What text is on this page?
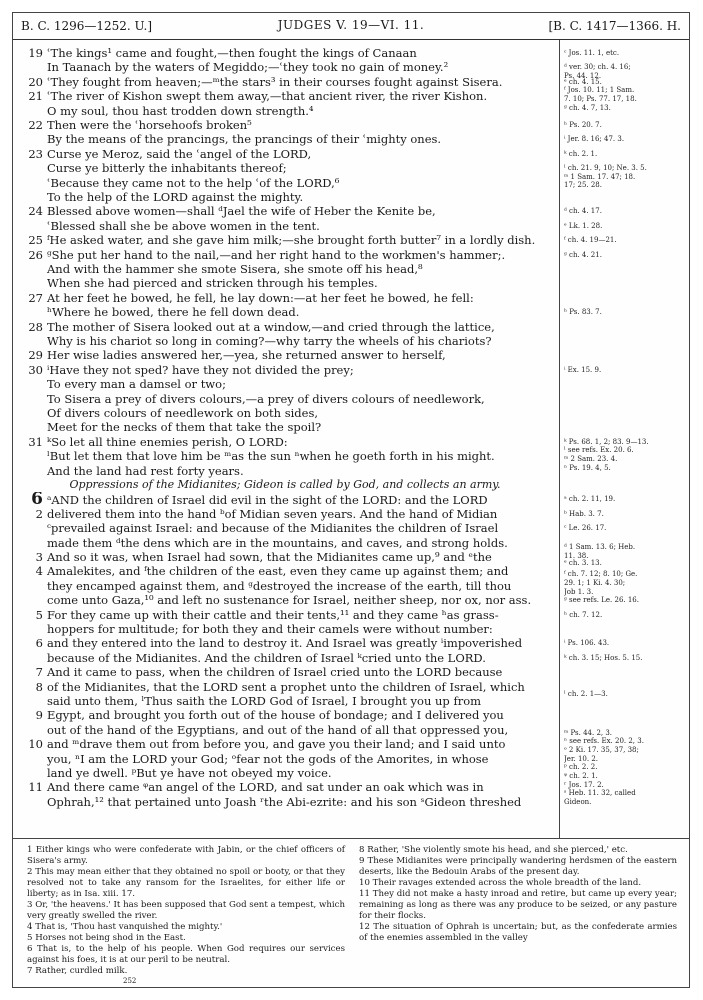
B. C. 1296—1252. U.]	JUDGES V. 19—VI. 11.	[B. C. 1417—1366. H.
19 ʿThe kings¹ came and fought,—then fought the kings of Canaan
In Taanach by the waters of Megiddo;—ʿthey took no gain of money.²
20 ʿThey fought from heaven;—ᵐthe stars³ in their courses fought against Sisera.
21 ʿThe river of Kishon swept them away,—that ancient river, the river Kishon.
O my soul, thou hast trodden down strength.⁴
22 Then were the ʿhorsehoofs broken⁵
By the means of the prancings, the prancings of their ʿmighty ones.
23 Curse ye Meroz, said the ʿangel of the LORD,
Curse ye bitterly the inhabitants thereof;
ʿBecause they came not to the help ʿof the LORD,⁶
To the help of the LORD against the mighty.
24 Blessed above women—shall ᵈJael the wife of Heber the Kenite be,
ʿBlessed shall she be above women in the tent.
25 ᶠHe asked water, and she gave him milk;—she brought forth butter⁷ in a lordly dish.
26 ᵍShe put her hand to the nail,—and her right hand to the workmen's hammer;.
And with the hammer she smote Sisera, she smote off his head,⁸
When she had pierced and stricken through his temples.
27 At her feet he bowed, he fell, he lay down:—at her feet he bowed, he fell:
ʰWhere he bowed, there he fell down dead.
28 The mother of Sisera looked out at a window,—and cried through the lattice,
Why is his chariot so long in coming?—why tarry the wheels of his chariots?
29 Her wise ladies answered her,—yea, she returned answer to herself,
30 ⁱHave they not sped? have they not divided the prey;
To every man a damsel or two;
To Sisera a prey of divers colours,—a prey of divers colours of needlework,
Of divers colours of needlework on both sides,
Meet for the necks of them that take the spoil?
31 ᵏSo let all thine enemies perish, O LORD:
ˡBut let them that love him be ᵐas the sun ⁿwhen he goeth forth in his might.
And the land had rest forty years.
Oppressions of the Midianites; Gideon is called by God, and collects an army.
6 ᵃAND the children of Israel did evil in the sight of the LORD: and the LORD
2 delivered them into the hand ᵇof Midian seven years. And the hand of Midian
ᶜprevailed against Israel: and because of the Midianites the children of Israel
made them ᵈthe dens which are in the mountains, and caves, and strong holds.
3 And so it was, when Israel had sown, that the Midianites came up,⁹ and ᵉthe
4 Amalekites, and ᶠthe children of the east, even they came up against them; and
they encamped against them, and ᵍdestroyed the increase of the earth, till thou
come unto Gaza,¹⁰ and left no sustenance for Israel, neither sheep, nor ox, nor ass.
5 For they came up with their cattle and their tents,¹¹ and they came ʰas grass-
hoppers for multitude; for both they and their camels were without number:
6 and they entered into the land to destroy it. And Israel was greatly ⁱimpoverished
because of the Midianites. And the children of Israel ᵏcried unto the LORD.
7 And it came to pass, when the children of Israel cried unto the LORD because
8 of the Midianites, that the LORD sent a prophet unto the children of Israel, which
said unto them, ˡThus saith the LORD God of Israel, I brought you up from
9 Egypt, and brought you forth out of the house of bondage; and I delivered you
out of the hand of the Egyptians, and out of the hand of all that oppressed you,
10 and ᵐdrave them out from before you, and gave you their land; and I said unto
you, ⁿI am the LORD your God; ᵒfear not the gods of the Amorites, in whose
land ye dwell. ᵖBut ye have not obeyed my voice.
11 And there came ᵠan angel of the LORD, and sat under an oak which was in
Ophrah,¹² that pertained unto Joash ʳthe Abi-ezrite: and his son ˢGideon threshed
ᶜ Jos. 11. 1, etc.
ᵈ ver. 30; ch. 4. 16;
Ps. 44. 12.
ᵉ ch. 4. 15.
ᶠ Jos. 10. 11; 1 Sam.
7. 10; Ps. 77. 17, 18.
ᵍ ch. 4. 7, 13.
ʰ Ps. 20. 7.
ⁱ Jer. 8. 16; 47. 3.
ᵏ ch. 2. 1.
ˡ ch. 21. 9, 10; Ne. 3. 5.
ᵐ 1 Sam. 17. 47; 18.
17; 25. 28.
ᵈ ch. 4. 17.
ᵉ Lk. 1. 28.
ᶠ ch. 4. 19—21.
ᵍ ch. 4. 21.
ʰ Ps. 83. 7.
ⁱ Ex. 15. 9.
ᵏ Ps. 68. 1, 2; 83. 9—13.
ˡ see refs. Ex. 20. 6.
ᵐ 2 Sam. 23. 4.
ⁿ Ps. 19. 4, 5.
ᵃ ch. 2. 11, 19.
ᵇ Hab. 3. 7.
ᶜ Le. 26. 17.
ᵈ 1 Sam. 13. 6; Heb.
11. 38.
ᵉ ch. 3. 13.
ᶠ ch. 7. 12; 8. 10; Ge.
29. 1; 1 Ki. 4. 30;
Job 1. 3.
ᵍ see refs. Le. 26. 16.
ʰ ch. 7. 12.
ⁱ Ps. 106. 43.
ᵏ ch. 3. 15; Hos. 5. 15.
ˡ ch. 2. 1—3.
ᵐ Ps. 44. 2, 3.
ⁿ see refs. Ex. 20. 2, 3.
ᵒ 2 Ki. 17. 35, 37, 38;
Jer. 10. 2.
ᵖ ch. 2. 2.
ᵠ ch. 2. 1.
ʳ Jos. 17. 2.
ˢ Heb. 11. 32, called
Gideon.
1 Either kings who were confederate with Jabin, or the chief officers of Sisera's army.
2 This may mean either that they obtained no spoil or booty, or that they resolved not to take any ransom for the Israelites, for either life or liberty; as in Isa. xiii. 17.
3 Or, 'the heavens.' It has been supposed that God sent a tempest, which very greatly swelled the river.
4 That is, 'Thou hast vanquished the mighty.'
5 Horses not being shod in the East.
6 That is, to the help of his people. When God requires our services against his foes, it is at our peril to be neutral.
7 Rather, curdled milk.
8 Rather, 'She violently smote his head, and she pierced,' etc.
9 These Midianites were principally wandering herdsmen of the eastern deserts, like the Bedouin Arabs of the present day.
10 Their ravages extended across the whole breadth of the land.
11 They did not make a hasty inroad and retire, but came up every year; remaining as long as there was any produce to be seized, or any pasture for their flocks.
12 The situation of Ophrah is uncertain; but, as the confederate armies of the enemies assembled in the valley
252
